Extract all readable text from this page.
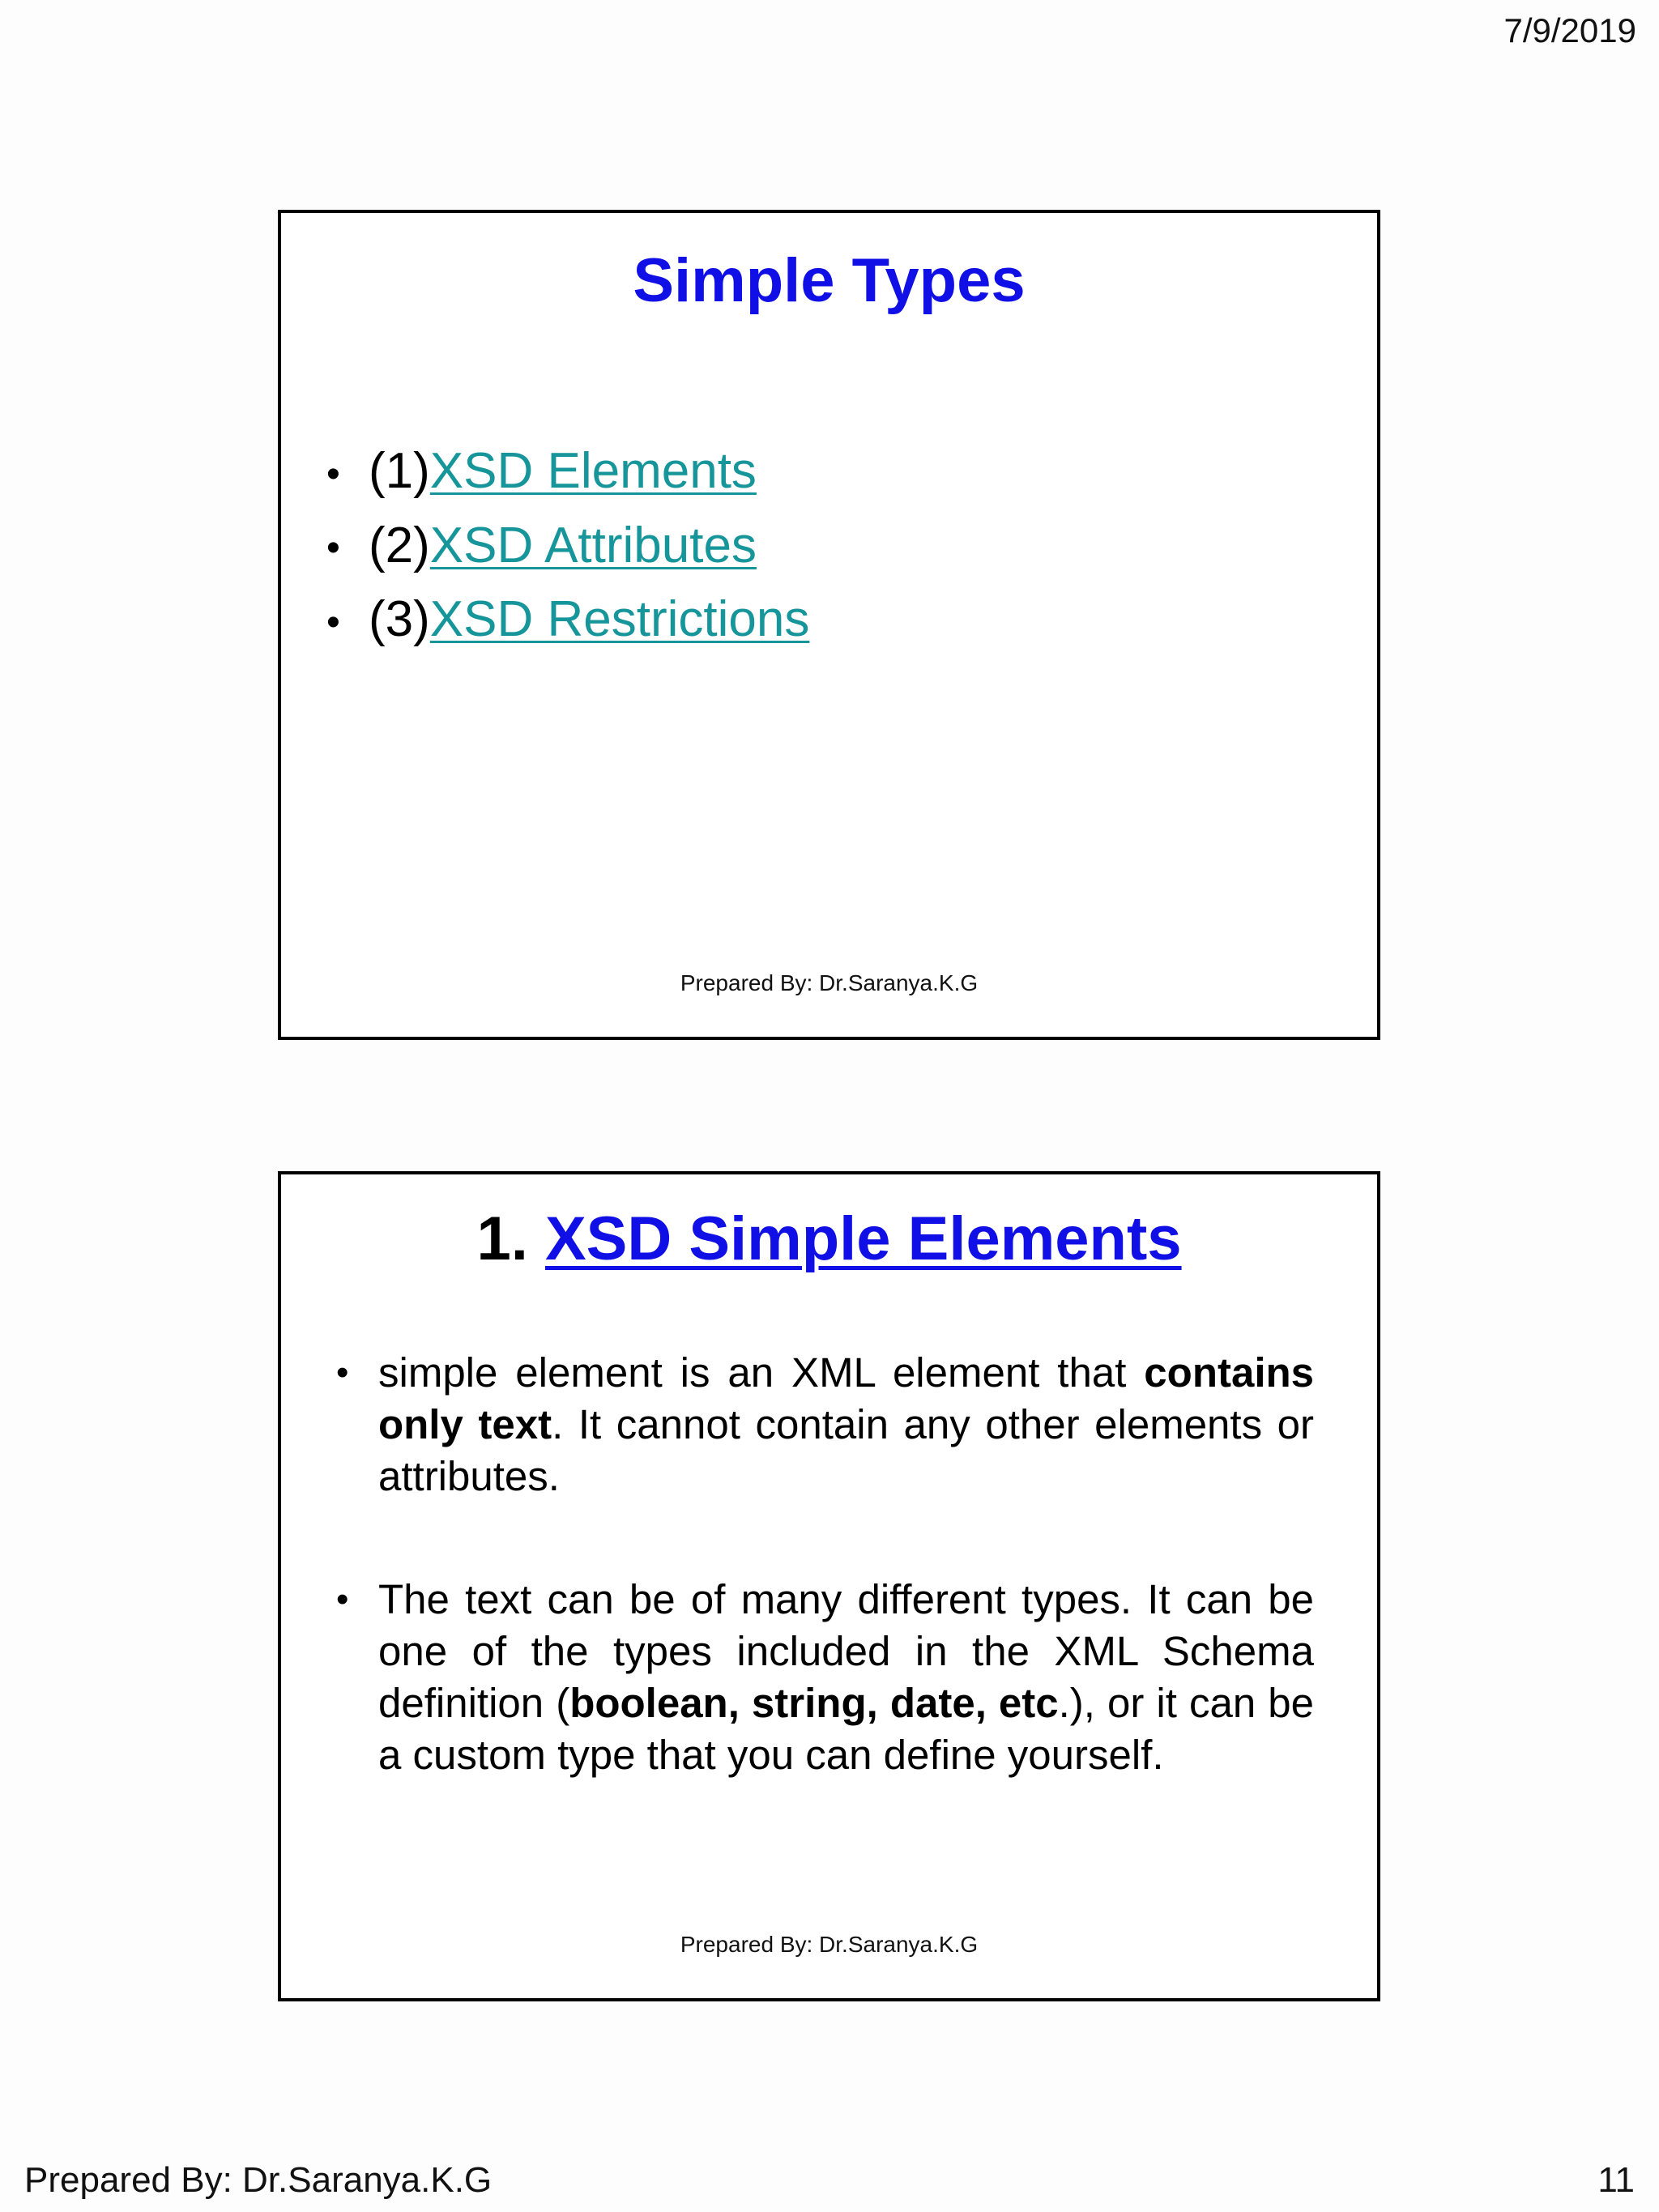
7/9/2019
Simple Types
• (1)XSD Elements
• (2)XSD Attributes
• (3)XSD Restrictions
Prepared By: Dr.Saranya.K.G
1. XSD Simple Elements
• simple element is an XML element that contains only text. It cannot contain any other elements or attributes.
• The text can be of many different types. It can be one of the types included in the XML Schema definition (boolean, string, date, etc.), or it can be a custom type that you can define yourself.
Prepared By: Dr.Saranya.K.G
Prepared By: Dr.Saranya.K.G	11
